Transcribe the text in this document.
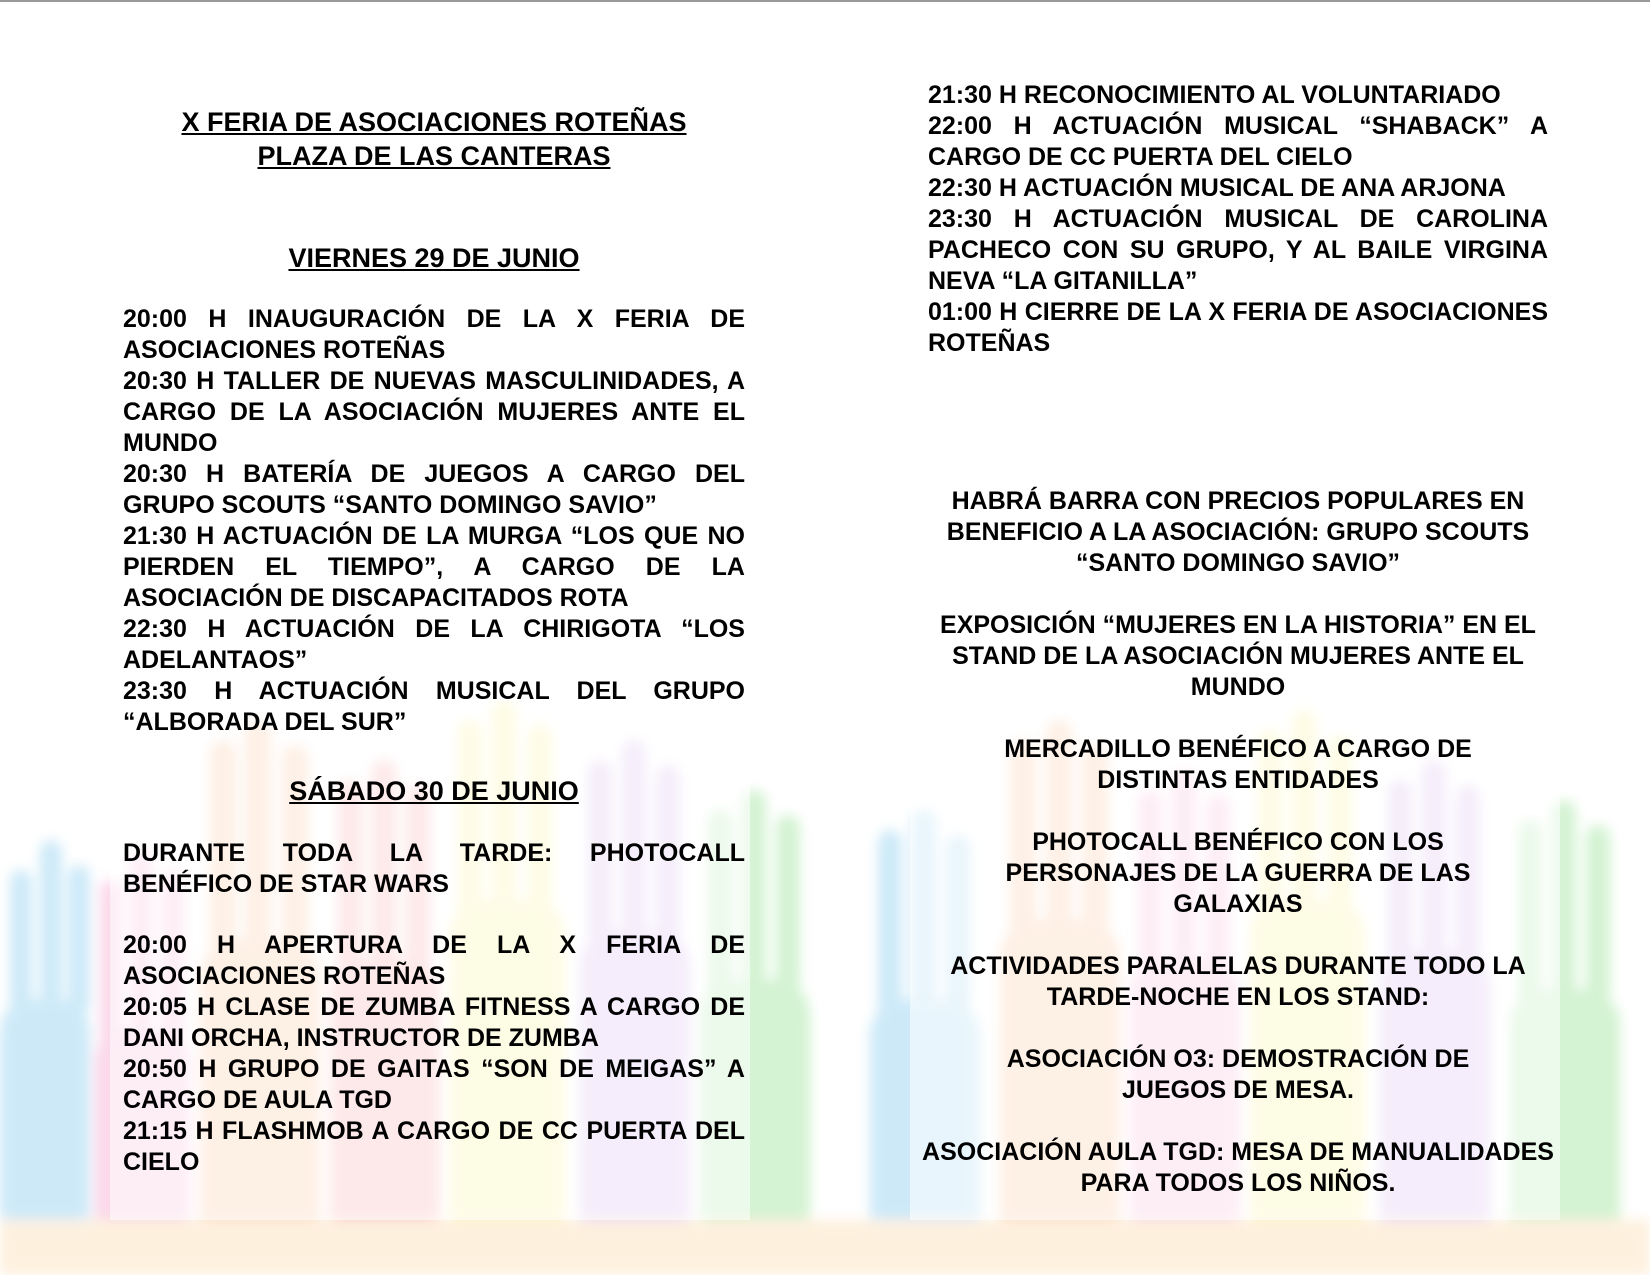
X FERIA DE ASOCIACIONES ROTEÑAS

PLAZA DE LAS CANTERAS

VIERNES 29 DE JUNIO

20:00 H INAUGURACIÓN DE LA X FERIA DE ASOCIACIONES ROTEÑAS

20:30 H TALLER DE NUEVAS MASCULINIDADES, A CARGO DE LA ASOCIACIÓN MUJERES ANTE EL MUNDO

20:30 H BATERÍA DE JUEGOS A CARGO DEL GRUPO SCOUTS “SANTO DOMINGO SAVIO”

21:30 H ACTUACIÓN DE LA MURGA “LOS QUE NO PIERDEN EL TIEMPO”, A CARGO DE LA ASOCIACIÓN DE DISCAPACITADOS ROTA

22:30 H ACTUACIÓN DE LA CHIRIGOTA “LOS ADELANTAOS”

23:30 H ACTUACIÓN MUSICAL DEL GRUPO “ALBORADA DEL SUR”

SÁBADO 30 DE JUNIO

DURANTE TODA LA TARDE: PHOTOCALL BENÉFICO DE STAR WARS

20:00 H APERTURA DE LA X FERIA DE ASOCIACIONES ROTEÑAS

20:05 H CLASE DE ZUMBA FITNESS A CARGO DE DANI ORCHA, INSTRUCTOR DE ZUMBA

20:50 H GRUPO DE GAITAS “SON DE MEIGAS” A CARGO DE AULA TGD

21:15 H FLASHMOB A CARGO DE CC PUERTA DEL CIELO

21:30 H RECONOCIMIENTO AL VOLUNTARIADO

22:00 H ACTUACIÓN MUSICAL “SHABACK” A CARGO DE CC PUERTA DEL CIELO

22:30 H ACTUACIÓN MUSICAL DE ANA ARJONA

23:30 H ACTUACIÓN MUSICAL DE CAROLINA PACHECO CON SU GRUPO, Y AL BAILE VIRGINA NEVA “LA GITANILLA”

01:00 H CIERRE DE LA X FERIA DE ASOCIACIONES ROTEÑAS

HABRÁ BARRA CON PRECIOS POPULARES EN BENEFICIO A LA ASOCIACIÓN: GRUPO SCOUTS “SANTO DOMINGO SAVIO”

EXPOSICIÓN “MUJERES EN LA HISTORIA” EN EL STAND DE LA ASOCIACIÓN MUJERES ANTE EL MUNDO

MERCADILLO BENÉFICO A CARGO DE DISTINTAS ENTIDADES

PHOTOCALL BENÉFICO CON LOS PERSONAJES DE LA GUERRA DE LAS GALAXIAS

ACTIVIDADES PARALELAS DURANTE TODO LA TARDE-NOCHE EN LOS STAND:

ASOCIACIÓN O3: DEMOSTRACIÓN DE JUEGOS DE MESA.

ASOCIACIÓN AULA TGD: MESA DE MANUALIDADES PARA TODOS LOS NIÑOS.
